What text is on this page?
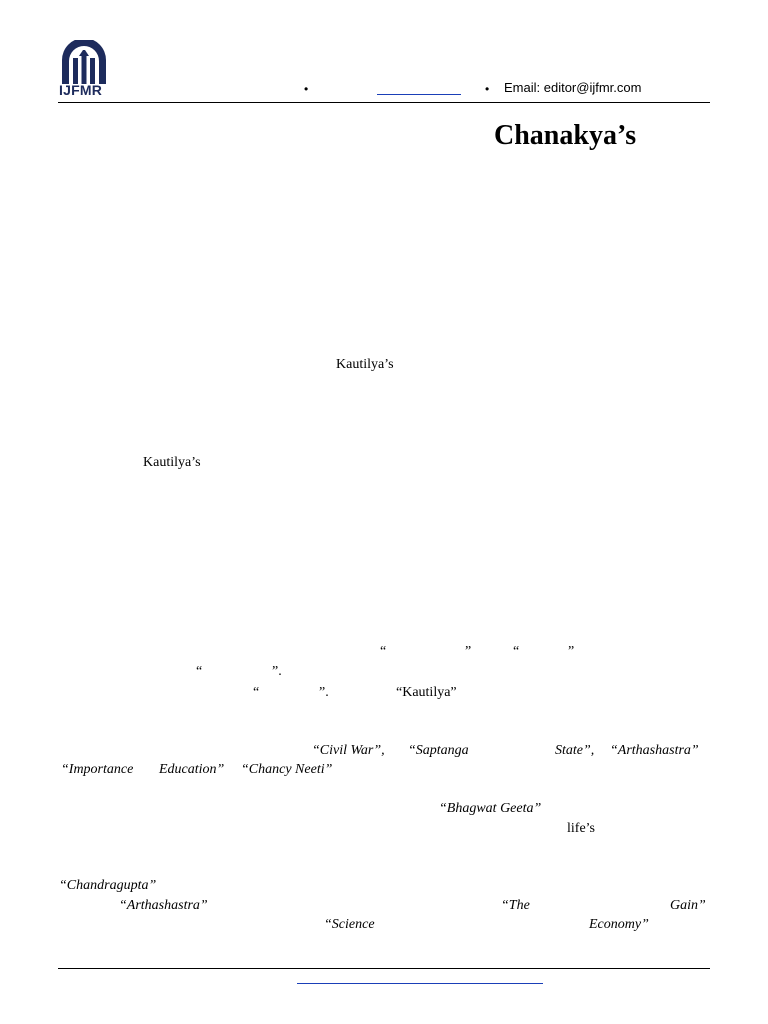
IJFMR	•	• Email: editor@ijfmr.com
Chanakya’s
Kautilya’s
Kautilya’s
“	”	“	”
“	”.
“	”.	“Kautilya”
“Civil War”, “Saptanga	State”, “Arthashastra”
“Importance Education” “Chancy Neeti”
“Bhagwat Geeta”
life’s
“Chandragupta”
“Arthashastra”	“The	Gain”
“Science	Economy”
